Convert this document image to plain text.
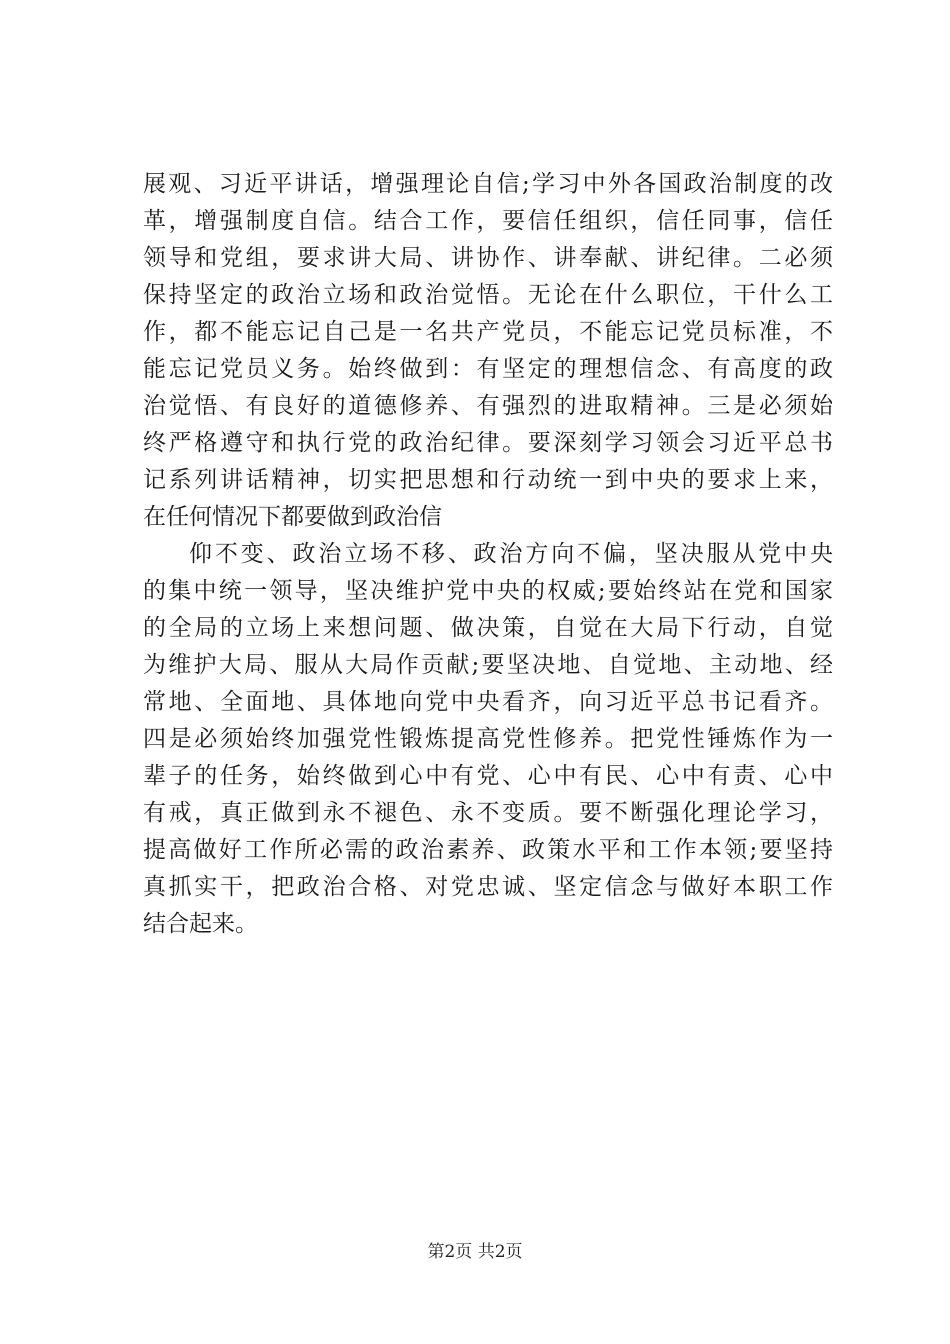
展观、习近平讲话，增强理论自信;学习中外各国政治制度的改
革，增强制度自信。结合工作，要信任组织，信任同事，信任
领导和党组，要求讲大局、讲协作、讲奉献、讲纪律。二必须
保持坚定的政治立场和政治觉悟。无论在什么职位，干什么工
作，都不能忘记自己是一名共产党员，不能忘记党员标准，不
能忘记党员义务。始终做到：有坚定的理想信念、有高度的政
治觉悟、有良好的道德修养、有强烈的进取精神。三是必须始
终严格遵守和执行党的政治纪律。要深刻学习领会习近平总书
记系列讲话精神，切实把思想和行动统一到中央的要求上来，
在任何情况下都要做到政治信
仰不变、政治立场不移、政治方向不偏，坚决服从党中央
的集中统一领导，坚决维护党中央的权威;要始终站在党和国家
的全局的立场上来想问题、做决策，自觉在大局下行动，自觉
为维护大局、服从大局作贡献;要坚决地、自觉地、主动地、经
常地、全面地、具体地向党中央看齐，向习近平总书记看齐。
四是必须始终加强党性锻炼提高党性修养。把党性锤炼作为一
辈子的任务，始终做到心中有党、心中有民、心中有责、心中
有戒，真正做到永不褪色、永不变质。要不断强化理论学习，
提高做好工作所必需的政治素养、政策水平和工作本领;要坚持
真抓实干，把政治合格、对党忠诚、坚定信念与做好本职工作
结合起来。
第2页 共2页
